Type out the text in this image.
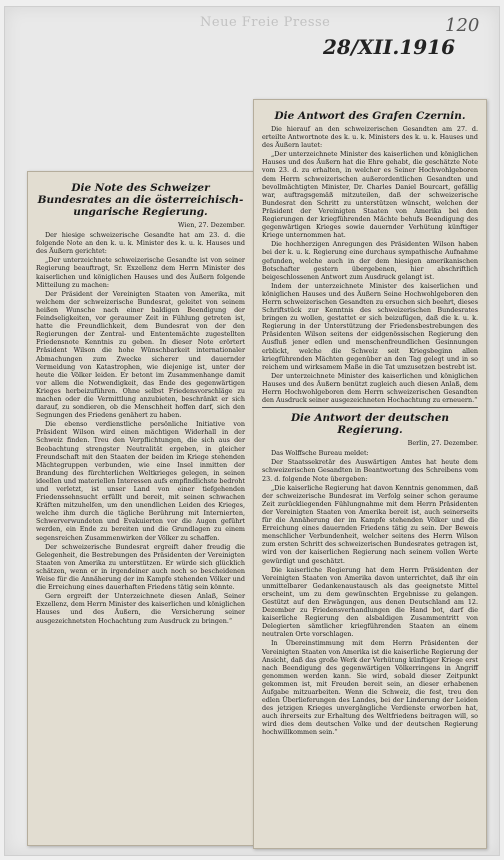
Neue Freie Presse	120
28/XII.1916
Die Note des Schweizer Bundesrates an die österreichisch-ungarische Regierung.
Wien, 27. Dezember.

Der hiesige schweizerische Gesandte hat am 23. d. die folgende Note an den k. u. k. Minister des k. u. k. Hauses und des Äußern gerichtet:

„Der unterzeichnete schweizerische Gesandte ist von seiner Regierung beauftragt, Sr. Exzellenz dem Herrn Minister des kaiserlichen und königlichen Hauses und des Äußern folgende Mitteilung zu machen:

Der Präsident der Vereinigten Staaten von Amerika, mit welchem der schweizerische Bundesrat, geleitet von seinem heißen Wunsche nach einer baldigen Beendigung der Feindseligkeiten, vor geraumer Zeit in Fühlung getreten ist, hatte die Freundlichkeit, dem Bundesrat von der den Regierungen der Zentral- und Ententemächte zugestellten Friedensnote Kenntnis zu geben. In dieser Note erörtert Präsident Wilson die hohe Wünschbarkeit internationaler Abmachungen zum Zwecke sicherer und dauernder Vermeidung von Katastrophen, wie diejenige ist, unter der heute die Völker leiden. Er betont im Zusammenhange damit vor allem die Notwendigkeit, das Ende des gegenwärtigen Krieges herbeizuführen. Ohne selbst Friedensvorschläge zu machen oder die Vermittlung anzubieten, beschränkt er sich darauf, zu sondieren, ob die Menschheit hoffen darf, sich den Segnungen des Friedens genähert zu haben.

Die ebenso verdienstliche persönliche Initiative von Präsident Wilson wird einen mächtigen Widerhall in der Schweiz finden. Treu den Verpflichtungen, die sich aus der Beobachtung strengster Neutralität ergeben, in gleicher Freundschaft mit den Staaten der beiden im Kriege stehenden Mächtegruppen verbunden, wie eine Insel inmitten der Brandung des fürchterlichen Weltkrieges gelegen, in seinen ideellen und materiellen Interessen aufs empfindlichste bedroht und verletzt, ist unser Land von einer tiefgehenden Friedenssehnsucht erfüllt und bereit, mit seinen schwachen Kräften mitzuhelfen, um den unendlichen Leiden des Krieges, welche ihm durch die tägliche Berührung mit Internierten, Schwerverwundeten und Evakuierten vor die Augen geführt werden, ein Ende zu bereiten und die Grundlagen zu einem segensreichen Zusammenwirken der Völker zu schaffen.

Der schweizerische Bundesrat ergreift daher freudig die Gelegenheit, die Bestrebungen des Präsidenten der Vereinigten Staaten von Amerika zu unterstützen. Er würde sich glücklich schätzen, wenn er in irgendeiner auch noch so bescheidenen Weise für die Annäherung der im Kampfe stehenden Völker und die Erreichung eines dauerhaften Friedens tätig sein könnte.

Gern ergreift der Unterzeichnete diesen Anlaß, Seiner Exzellenz, dem Herrn Minister des kaiserlichen und königlichen Hauses und des Äußern, die Versicherung seiner ausgezeichnetsten Hochachtung zum Ausdruck zu bringen.“

Die Antwort des Grafen Czernin.

Die hierauf an den schweizerischen Gesandten am 27. d. erteilte Antwortnote des k. u. k. Ministers des k. u. k. Hauses und des Äußern lautet:

„Der unterzeichnete Minister des kaiserlichen und königlichen Hauses und des Äußern hat die Ehre gehabt, die geschätzte Note vom 23. d. zu erhalten, in welcher es Seiner Hochwohlgeboren dem Herrn schweizerischen außerordentlichen Gesandten und bevollmächtigten Minister, Dr. Charles Daniel Bourcart, gefällig war, auftragsgemäß mitzuteilen, daß der schweizerische Bundesrat den Schritt zu unterstützen wünscht, welchen der Präsident der Vereinigten Staaten von Amerika bei den Regierungen der kriegführenden Mächte behufs Beendigung des gegenwärtigen Krieges sowie dauernder Verhütung künftiger Kriege unternommen hat.

Die hochherzigen Anregungen des Präsidenten Wilson haben bei der k. u. k. Regierung eine durchaus sympathische Aufnahme gefunden, welche auch in der dem hiesigen amerikanischen Botschafter gestern übergebenen, hier abschriftlich beigeschlossenen Antwort zum Ausdruck gelangt ist.

Indem der unterzeichnete Minister des kaiserlichen und königlichen Hauses und des Äußern Seine Hochwohlgeboren den Herrn schweizerischen Gesandten zu ersuchen sich beehrt, dieses Schriftstück zur Kenntnis des schweizerischen Bundesrates bringen zu wollen, gestattet er sich beizufügen, daß die k. u. k. Regierung in der Unterstützung der Friedensbestrebungen des Präsidenten Wilson seitens der eidgenössischen Regierung den Ausfluß jener edlen und menschenfreundlichen Gesinnungen erblickt, welche die Schweiz seit Kriegsbeginn allen kriegführenden Mächten gegenüber an den Tag gelegt und in so reichem und wirksamem Maße in die Tat umzusetzen bestrebt ist.

Der unterzeichnete Minister des kaiserlichen und königlichen Hauses und des Äußern benützt zugleich auch diesen Anlaß, dem Herrn Hochwohlgeboren dem Herrn schweizerischen Gesandten den Ausdruck seiner ausgezeichneten Hochachtung zu erneuern.“

Die Antwort der deutschen Regierung.
Berlin, 27. Dezember.

Das Wolffsche Bureau meldet:

Der Staatssekretär des Auswärtigen Amtes hat heute dem schweizerischen Gesandten in Beantwortung des Schreibens vom 23. d. folgende Note übergeben:

„Die kaiserliche Regierung hat davon Kenntnis genommen, daß der schweizerische Bundesrat im Verfolg seiner schon geraume Zeit zurückliegenden Fühlungnahme mit dem Herrn Präsidenten der Vereinigten Staaten von Amerika bereit ist, auch seinerseits für die Annäherung der im Kampfe stehenden Völker und die Erreichung eines dauernden Friedens tätig zu sein. Der Beweis menschlicher Verbundenheit, welcher seitens des Herrn Wilson zum ersten Schritt des schweizerischen Bundesrates getragen ist, wird von der kaiserlichen Regierung nach seinem vollen Werte gewürdigt und geschätzt.

Die kaiserliche Regierung hat dem Herrn Präsidenten der Vereinigten Staaten von Amerika davon unterrichtet, daß ihr ein unmittelbarer Gedankenaustausch als das geeignetste Mittel erscheint, um zu dem gewünschten Ergebnisse zu gelangen. Gestützt auf den Erwägungen, aus denen Deutschland am 12. Dezember zu Friedensverhandlungen die Hand bot, darf die kaiserliche Regierung den alsbaldigen Zusammentritt von Delegierten sämtlicher kriegführenden Staaten an einem neutralen Orte vorschlagen.

In Übereinstimmung mit dem Herrn Präsidenten der Vereinigten Staaten von Amerika ist die kaiserliche Regierung der Ansicht, daß das große Werk der Verhütung künftiger Kriege erst nach Beendigung des gegenwärtigen Völkerringens in Angriff genommen werden kann. Sie wird, sobald dieser Zeitpunkt gekommen ist, mit Freuden bereit sein, an dieser erhabenen Aufgabe mitzuarbeiten. Wenn die Schweiz, die fest, treu den edlen Überlieferungen des Landes, bei der Linderung der Leiden des jetzigen Krieges unvergängliche Verdienste erworben hat, auch ihrerseits zur Erhaltung des Weltfriedens beitragen will, so wird dies dem deutschen Volke und der deutschen Regierung hochwillkommen sein.“
